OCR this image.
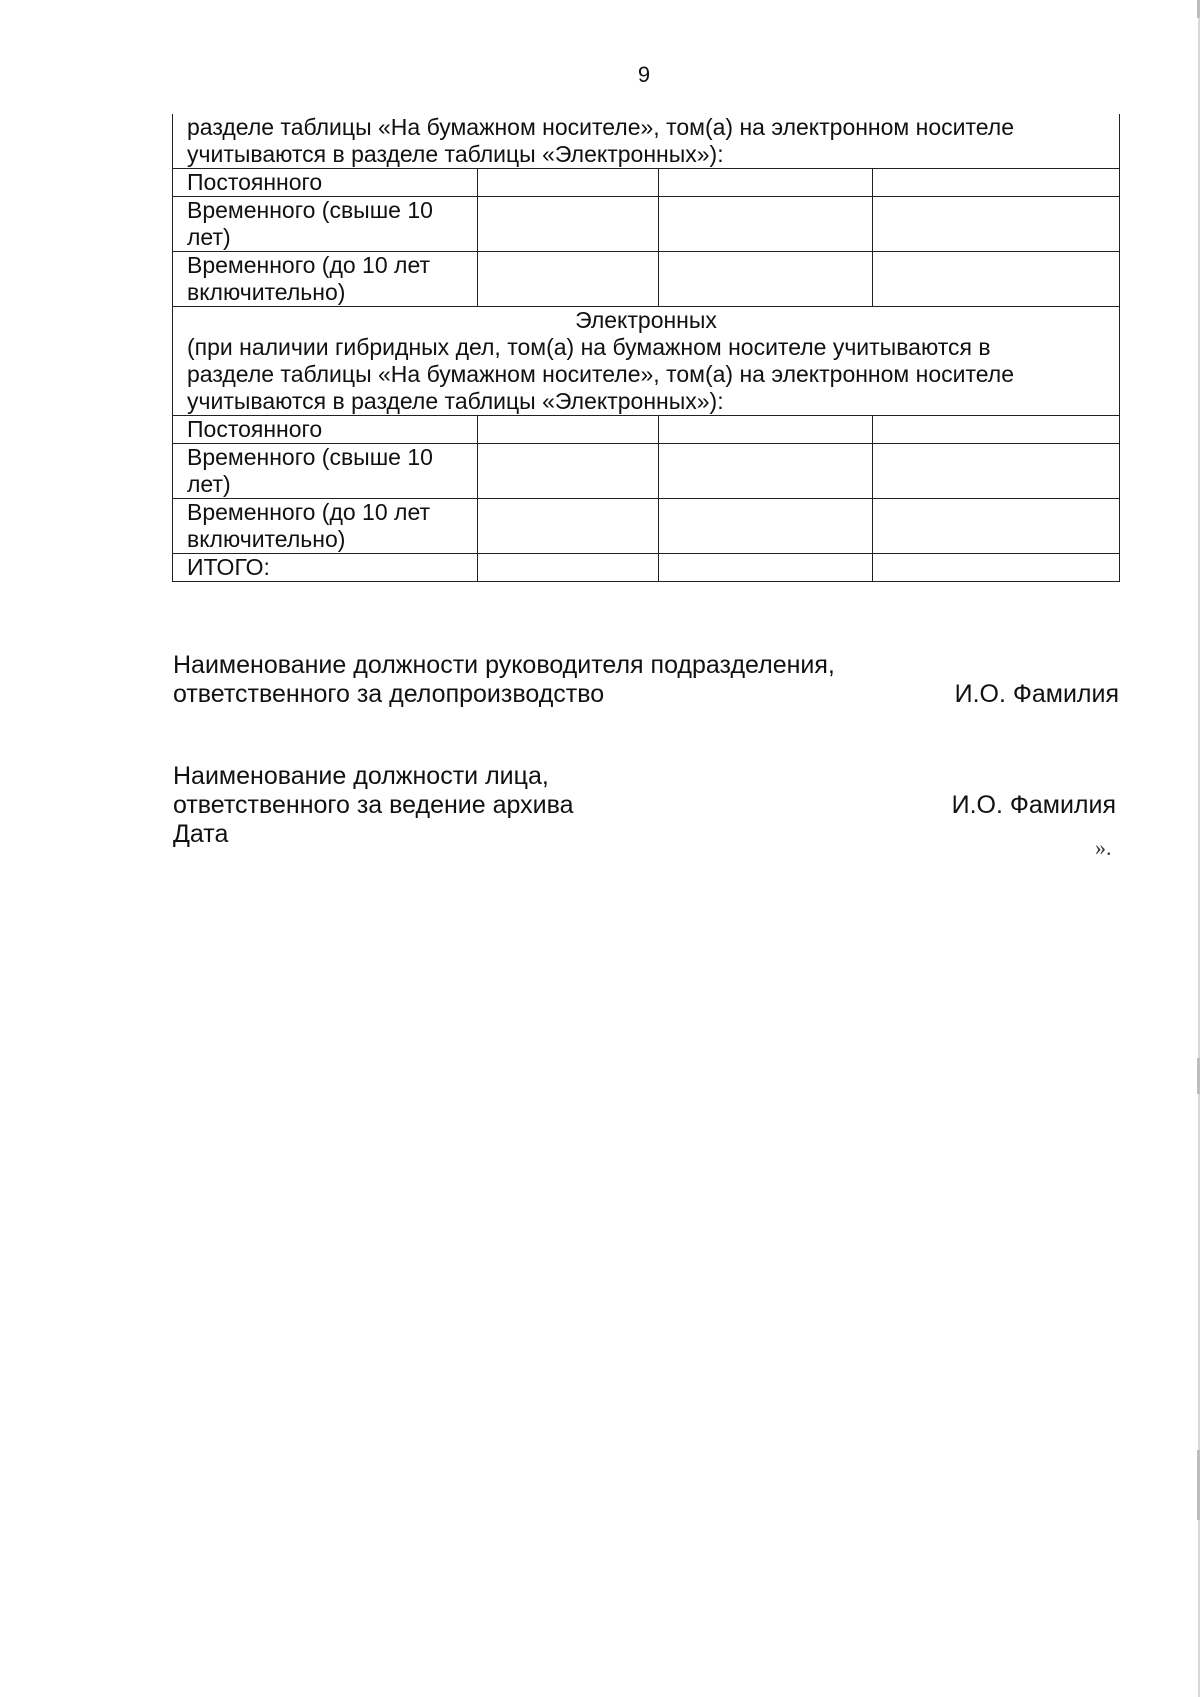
9
разделе таблицы «На бумажном носителе», том(а) на электронном носителе
учитываются в разделе таблицы «Электронных»):			

Постоянного			

Временного (свыше 10
лет)			

Временного (до 10 лет
включительно)			

Электронных
(при наличии гибридных дел, том(а) на бумажном носителе учитываются в
разделе таблицы «На бумажном носителе», том(а) на электронном носителе
учитываются в разделе таблицы «Электронных»):			

Постоянного			

Временного (свыше 10
лет)			

Временного (до 10 лет
включительно)			

ИТОГО:			
Наименование должности руководителя подразделения,
ответственного за делопроизводство	И.О. Фамилия
Наименование должности лица,
ответственного за ведение архива	И.О. Фамилия
Дата	».
